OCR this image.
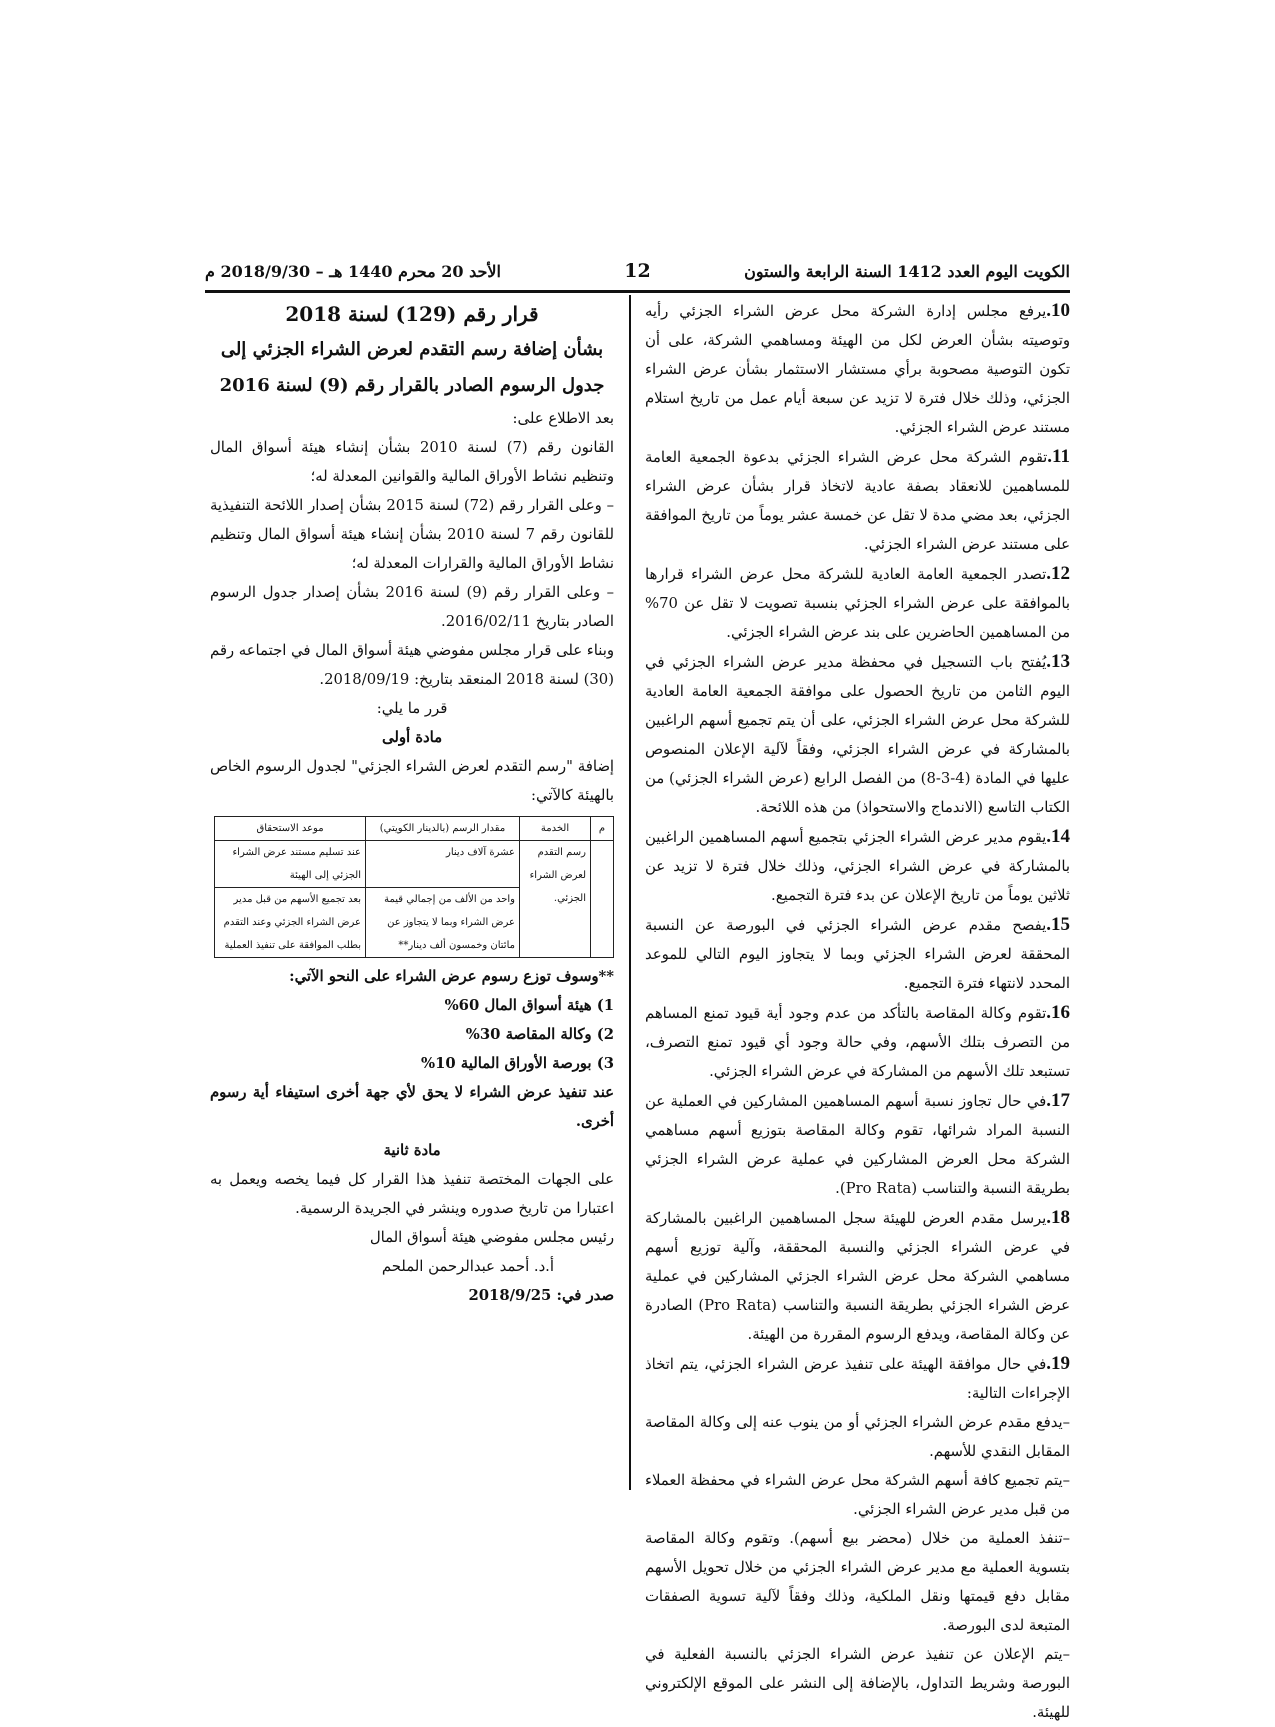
الكويت اليوم العدد 1412 السنة الرابعة والستون
12
الأحد 20 محرم 1440 هـ – 2018/9/30 م

10.يرفع مجلس إدارة الشركة محل عرض الشراء الجزئي رأيه وتوصيته بشأن العرض لكل من الهيئة ومساهمي الشركة، على أن تكون التوصية مصحوبة برأي مستشار الاستثمار بشأن عرض الشراء الجزئي، وذلك خلال فترة لا تزيد عن سبعة أيام عمل من تاريخ استلام مستند عرض الشراء الجزئي.

11.تقوم الشركة محل عرض الشراء الجزئي بدعوة الجمعية العامة للمساهمين للانعقاد بصفة عادية لاتخاذ قرار بشأن عرض الشراء الجزئي، بعد مضي مدة لا تقل عن خمسة عشر يوماً من تاريخ الموافقة على مستند عرض الشراء الجزئي.

12.تصدر الجمعية العامة العادية للشركة محل عرض الشراء قرارها بالموافقة على عرض الشراء الجزئي بنسبة تصويت لا تقل عن 70% من المساهمين الحاضرين على بند عرض الشراء الجزئي.

13.يُفتح باب التسجيل في محفظة مدير عرض الشراء الجزئي في اليوم الثامن من تاريخ الحصول على موافقة الجمعية العامة العادية للشركة محل عرض الشراء الجزئي، على أن يتم تجميع أسهم الراغبين بالمشاركة في عرض الشراء الجزئي، وفقاً لآلية الإعلان المنصوص عليها في المادة (4-3-8) من الفصل الرابع (عرض الشراء الجزئي) من الكتاب التاسع (الاندماج والاستحواذ) من هذه اللائحة.

14.يقوم مدير عرض الشراء الجزئي بتجميع أسهم المساهمين الراغبين بالمشاركة في عرض الشراء الجزئي، وذلك خلال فترة لا تزيد عن ثلاثين يوماً من تاريخ الإعلان عن بدء فترة التجميع.

15.يفصح مقدم عرض الشراء الجزئي في البورصة عن النسبة المحققة لعرض الشراء الجزئي وبما لا يتجاوز اليوم التالي للموعد المحدد لانتهاء فترة التجميع.

16.تقوم وكالة المقاصة بالتأكد من عدم وجود أية قيود تمنع المساهم من التصرف بتلك الأسهم، وفي حالة وجود أي قيود تمنع التصرف، تستبعد تلك الأسهم من المشاركة في عرض الشراء الجزئي.

17.في حال تجاوز نسبة أسهم المساهمين المشاركين في العملية عن النسبة المراد شرائها، تقوم وكالة المقاصة بتوزيع أسهم مساهمي الشركة محل العرض المشاركين في عملية عرض الشراء الجزئي بطريقة النسبة والتناسب (Pro Rata).

18.يرسل مقدم العرض للهيئة سجل المساهمين الراغبين بالمشاركة في عرض الشراء الجزئي والنسبة المحققة، وآلية توزيع أسهم مساهمي الشركة محل عرض الشراء الجزئي المشاركين في عملية عرض الشراء الجزئي بطريقة النسبة والتناسب (Pro Rata) الصادرة عن وكالة المقاصة، ويدفع الرسوم المقررة من الهيئة.

19.في حال موافقة الهيئة على تنفيذ عرض الشراء الجزئي، يتم اتخاذ الإجراءات التالية:

–يدفع مقدم عرض الشراء الجزئي أو من ينوب عنه إلى وكالة المقاصة المقابل النقدي للأسهم.

–يتم تجميع كافة أسهم الشركة محل عرض الشراء في محفظة العملاء من قبل مدير عرض الشراء الجزئي.

–تنفذ العملية من خلال (محضر بيع أسهم). وتقوم وكالة المقاصة بتسوية العملية مع مدير عرض الشراء الجزئي من خلال تحويل الأسهم مقابل دفع قيمتها ونقل الملكية، وذلك وفقاً لآلية تسوية الصفقات المتبعة لدى البورصة.

–يتم الإعلان عن تنفيذ عرض الشراء الجزئي بالنسبة الفعلية في البورصة وشريط التداول، بالإضافة إلى النشر على الموقع الإلكتروني للهيئة.

قرار رقم (129) لسنة 2018

بشأن إضافة رسم التقدم لعرض الشراء الجزئي إلى جدول الرسوم الصادر بالقرار رقم (9) لسنة 2016

بعد الاطلاع على:

القانون رقم (7) لسنة 2010 بشأن إنشاء هيئة أسواق المال وتنظيم نشاط الأوراق المالية والقوانين المعدلة له؛

– وعلى القرار رقم (72) لسنة 2015 بشأن إصدار اللائحة التنفيذية للقانون رقم 7 لسنة 2010 بشأن إنشاء هيئة أسواق المال وتنظيم نشاط الأوراق المالية والقرارات المعدلة له؛

– وعلى القرار رقم (9) لسنة 2016 بشأن إصدار جدول الرسوم الصادر بتاريخ 2016/02/11.

وبناء على قرار مجلس مفوضي هيئة أسواق المال في اجتماعه رقم (30) لسنة 2018 المنعقد بتاريخ: 2018/09/19.

قرر ما يلي:

مادة أولى

إضافة "رسم التقدم لعرض الشراء الجزئي" لجدول الرسوم الخاص بالهيئة كالآتي:

م	الخدمة	مقدار الرسم (بالدينار الكويتي)	موعد الاستحقاق
	رسم التقدم لعرض الشراء الجزئي.	عشرة آلاف دينار	عند تسليم مستند عرض الشراء الجزئي إلى الهيئة
		واحد من الألف من إجمالي قيمة عرض الشراء وبما لا يتجاوز عن مائتان وخمسون ألف دينار**	بعد تجميع الأسهم من قبل مدير عرض الشراء الجزئي وعند التقدم بطلب الموافقة على تنفيذ العملية

**وسوف توزع رسوم عرض الشراء على النحو الآتي:

1) هيئة أسواق المال 60%

2) وكالة المقاصة 30%

3) بورصة الأوراق المالية 10%

عند تنفيذ عرض الشراء لا يحق لأي جهة أخرى استيفاء أية رسوم أخرى.

مادة ثانية

على الجهات المختصة تنفيذ هذا القرار كل فيما يخصه ويعمل به اعتبارا من تاريخ صدوره وينشر في الجريدة الرسمية.

رئيس مجلس مفوضي هيئة أسواق المال

أ.د. أحمد عبدالرحمن الملحم

صدر في: 2018/9/25
